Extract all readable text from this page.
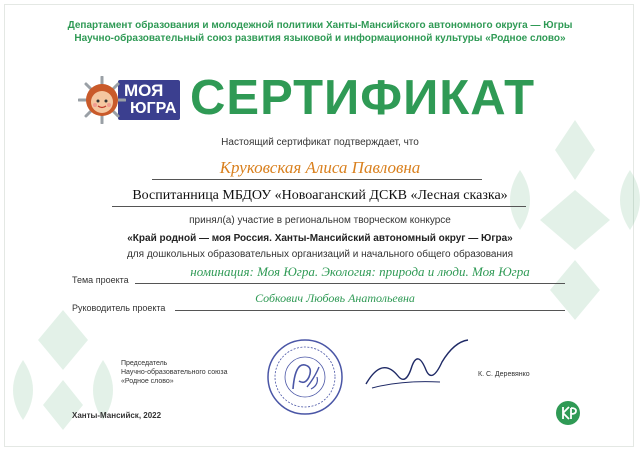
Департамент образования и молодежной политики Ханты-Мансийского автономного округа — Югры
Научно-образовательный союз развития языковой и информационной культуры «Родное слово»
МОЯ
ЮГРА СЕРТИФИКАТ
Настоящий сертификат подтверждает, что
Круковская Алиса Павловна
Воспитанница МБДОУ «Новоаганский ДСКВ «Лесная сказка»
принял(а) участие в региональном творческом конкурсе
«Край родной — моя Россия. Ханты-Мансийский автономный округ — Югра»
для дошкольных образовательных организаций и начального общего образования
Тема проекта
номинация: Моя Югра. Экология: природа и люди. Моя Югра
Руководитель проекта
Собкович Любовь Анатольевна
Председатель
Научно-образовательного союза
«Родное слово»
К. С. Деревянко
Ханты-Мансийск, 2022
